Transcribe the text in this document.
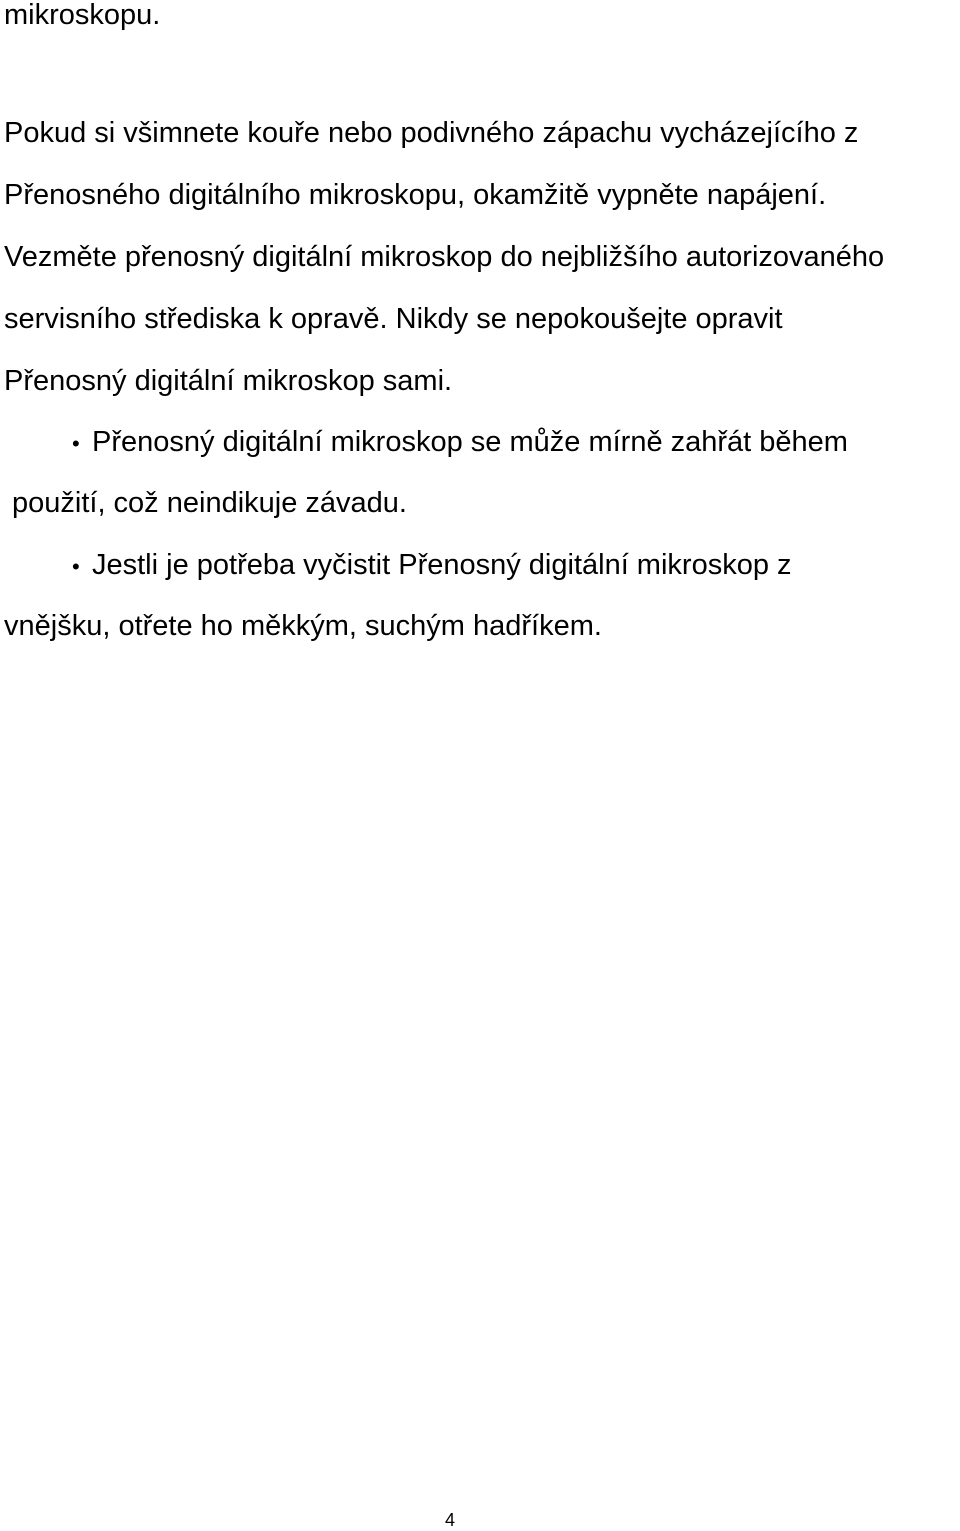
mikroskopu.

Pokud si všimnete kouře nebo podivného zápachu vycházejícího z

Přenosného digitálního mikroskopu, okamžitě vypněte napájení.

Vezměte přenosný digitální mikroskop do nejbližšího autorizovaného

servisního střediska k opravě. Nikdy se nepokoušejte opravit

Přenosný digitální mikroskop sami.

• Přenosný digitální mikroskop se může mírně zahřát během

použití, což neindikuje závadu.

• Jestli je potřeba vyčistit Přenosný digitální mikroskop z

vnějšku, otřete ho měkkým, suchým hadříkem.

4
